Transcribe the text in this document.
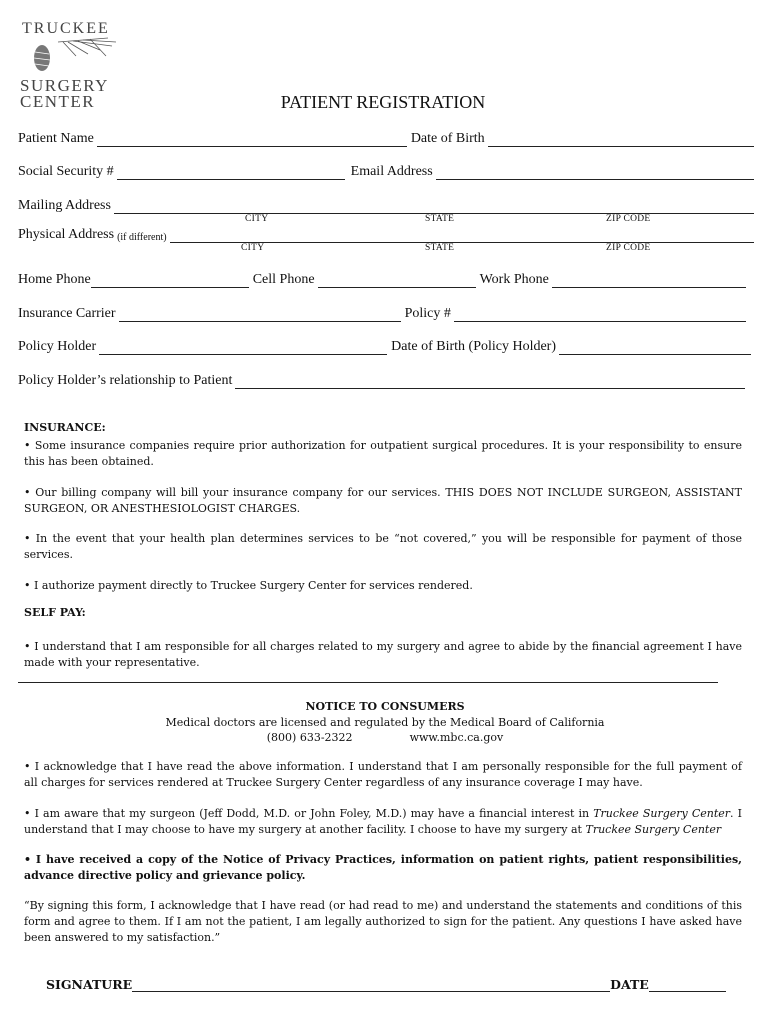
TRUCKEE
SURGERY
CENTER	PATIENT REGISTRATION
Patient Name	Date of Birth
Social Security #	Email Address
Mailing Address
CITY	STATE	ZIP CODE
Physical Address (if different)
CITY	STATE	ZIP CODE
Home Phone	Cell Phone	Work Phone
Insurance Carrier	Policy #
Policy Holder	Date of Birth (Policy Holder)
Policy Holder’s relationship to Patient
INSURANCE:
• Some insurance companies require prior authorization for outpatient surgical procedures. It is your responsibility to ensure this has been obtained.
• Our billing company will bill your insurance company for our services. THIS DOES NOT INCLUDE SURGEON, ASSISTANT SURGEON, OR ANESTHESIOLOGIST CHARGES.
• In the event that your health plan determines services to be “not covered,” you will be responsible for payment of those services.
• I authorize payment directly to Truckee Surgery Center for services rendered.
SELF PAY:
• I understand that I am responsible for all charges related to my surgery and agree to abide by the financial agreement I have made with your representative.
NOTICE TO CONSUMERS
Medical doctors are licensed and regulated by the Medical Board of California
(800) 633-2322	www.mbc.ca.gov
• I acknowledge that I have read the above information. I understand that I am personally responsible for the full payment of all charges for services rendered at Truckee Surgery Center regardless of any insurance coverage I may have.
• I am aware that my surgeon (Jeff Dodd, M.D. or John Foley, M.D.) may have a financial interest in Truckee Surgery Center. I understand that I may choose to have my surgery at another facility. I choose to have my surgery at Truckee Surgery Center
• I have received a copy of the Notice of Privacy Practices, information on patient rights, patient responsibilities, advance directive policy and grievance policy.
“By signing this form, I acknowledge that I have read (or had read to me) and understand the statements and conditions of this form and agree to them. If I am not the patient, I am legally authorized to sign for the patient. Any questions I have asked have been answered to my satisfaction.”
SIGNATURE	DATE
